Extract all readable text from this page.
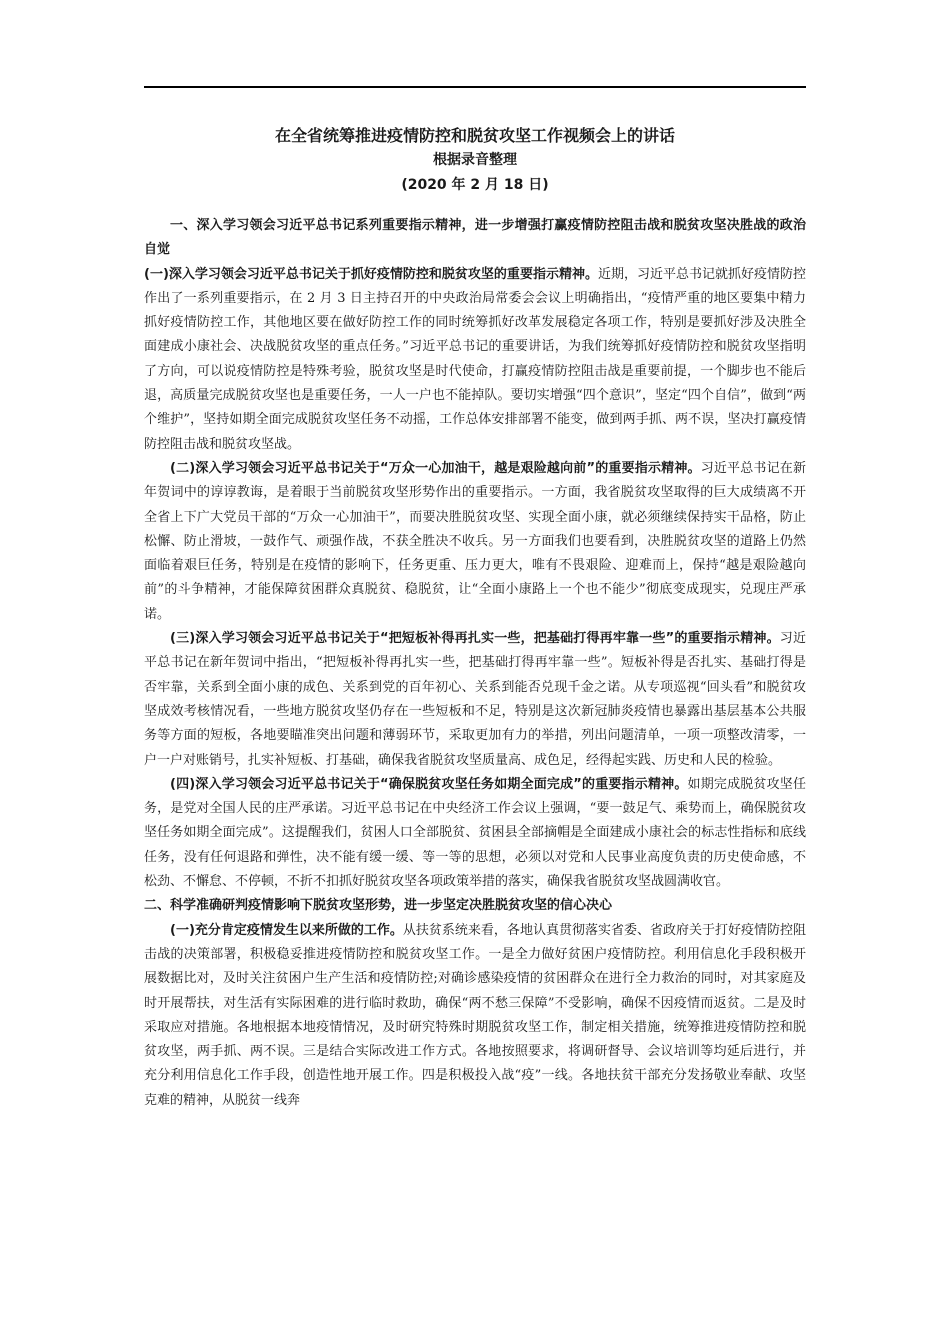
在全省统筹推进疫情防控和脱贫攻坚工作视频会上的讲话
根据录音整理
(2020 年 2 月 18 日)

一、深入学习领会习近平总书记系列重要指示精神，进一步增强打赢疫情防控阻击战和脱贫攻坚决胜战的政治自觉

(一)深入学习领会习近平总书记关于抓好疫情防控和脱贫攻坚的重要指示精神。近期，习近平总书记就抓好疫情防控作出了一系列重要指示，在 2 月 3 日主持召开的中央政治局常委会会议上明确指出，“疫情严重的地区要集中精力抓好疫情防控工作，其他地区要在做好防控工作的同时统筹抓好改革发展稳定各项工作，特别是要抓好涉及决胜全面建成小康社会、决战脱贫攻坚的重点任务。”习近平总书记的重要讲话，为我们统筹抓好疫情防控和脱贫攻坚指明了方向，可以说疫情防控是特殊考验，脱贫攻坚是时代使命，打赢疫情防控阻击战是重要前提，一个脚步也不能后退，高质量完成脱贫攻坚也是重要任务，一人一户也不能掉队。要切实增强“四个意识”，坚定“四个自信”，做到“两个维护”，坚持如期全面完成脱贫攻坚任务不动摇，工作总体安排部署不能变，做到两手抓、两不误，坚决打赢疫情防控阻击战和脱贫攻坚战。

(二)深入学习领会习近平总书记关于“万众一心加油干，越是艰险越向前”的重要指示精神。习近平总书记在新年贺词中的谆谆教诲，是着眼于当前脱贫攻坚形势作出的重要指示。一方面，我省脱贫攻坚取得的巨大成绩离不开全省上下广大党员干部的“万众一心加油干”，而要决胜脱贫攻坚、实现全面小康，就必须继续保持实干品格，防止松懈、防止滑坡，一鼓作气、顽强作战，不获全胜决不收兵。另一方面我们也要看到，决胜脱贫攻坚的道路上仍然面临着艰巨任务，特别是在疫情的影响下，任务更重、压力更大，唯有不畏艰险、迎难而上，保持“越是艰险越向前”的斗争精神，才能保障贫困群众真脱贫、稳脱贫，让“全面小康路上一个也不能少”彻底变成现实，兑现庄严承诺。

(三)深入学习领会习近平总书记关于“把短板补得再扎实一些，把基础打得再牢靠一些”的重要指示精神。习近平总书记在新年贺词中指出，“把短板补得再扎实一些，把基础打得再牢靠一些”。短板补得是否扎实、基础打得是否牢靠，关系到全面小康的成色、关系到党的百年初心、关系到能否兑现千金之诺。从专项巡视“回头看”和脱贫攻坚成效考核情况看，一些地方脱贫攻坚仍存在一些短板和不足，特别是这次新冠肺炎疫情也暴露出基层基本公共服务等方面的短板，各地要瞄准突出问题和薄弱环节，采取更加有力的举措，列出问题清单，一项一项整改清零，一户一户对账销号，扎实补短板、打基础，确保我省脱贫攻坚质量高、成色足，经得起实践、历史和人民的检验。

(四)深入学习领会习近平总书记关于“确保脱贫攻坚任务如期全面完成”的重要指示精神。如期完成脱贫攻坚任务，是党对全国人民的庄严承诺。习近平总书记在中央经济工作会议上强调，“要一鼓足气、乘势而上，确保脱贫攻坚任务如期全面完成”。这提醒我们，贫困人口全部脱贫、贫困县全部摘帽是全面建成小康社会的标志性指标和底线任务，没有任何退路和弹性，决不能有缓一缓、等一等的思想，必须以对党和人民事业高度负责的历史使命感，不松劲、不懈怠、不停顿，不折不扣抓好脱贫攻坚各项政策举措的落实，确保我省脱贫攻坚战圆满收官。

二、科学准确研判疫情影响下脱贫攻坚形势，进一步坚定决胜脱贫攻坚的信心决心

(一)充分肯定疫情发生以来所做的工作。从扶贫系统来看，各地认真贯彻落实省委、省政府关于打好疫情防控阻击战的决策部署，积极稳妥推进疫情防控和脱贫攻坚工作。一是全力做好贫困户疫情防控。利用信息化手段积极开展数据比对，及时关注贫困户生产生活和疫情防控;对确诊感染疫情的贫困群众在进行全力救治的同时，对其家庭及时开展帮扶，对生活有实际困难的进行临时救助，确保“两不愁三保障”不受影响，确保不因疫情而返贫。二是及时采取应对措施。各地根据本地疫情情况，及时研究特殊时期脱贫攻坚工作，制定相关措施，统筹推进疫情防控和脱贫攻坚，两手抓、两不误。三是结合实际改进工作方式。各地按照要求，将调研督导、会议培训等均延后进行，并充分利用信息化工作手段，创造性地开展工作。四是积极投入战“疫”一线。各地扶贫干部充分发扬敬业奉献、攻坚克难的精神，从脱贫一线奔
